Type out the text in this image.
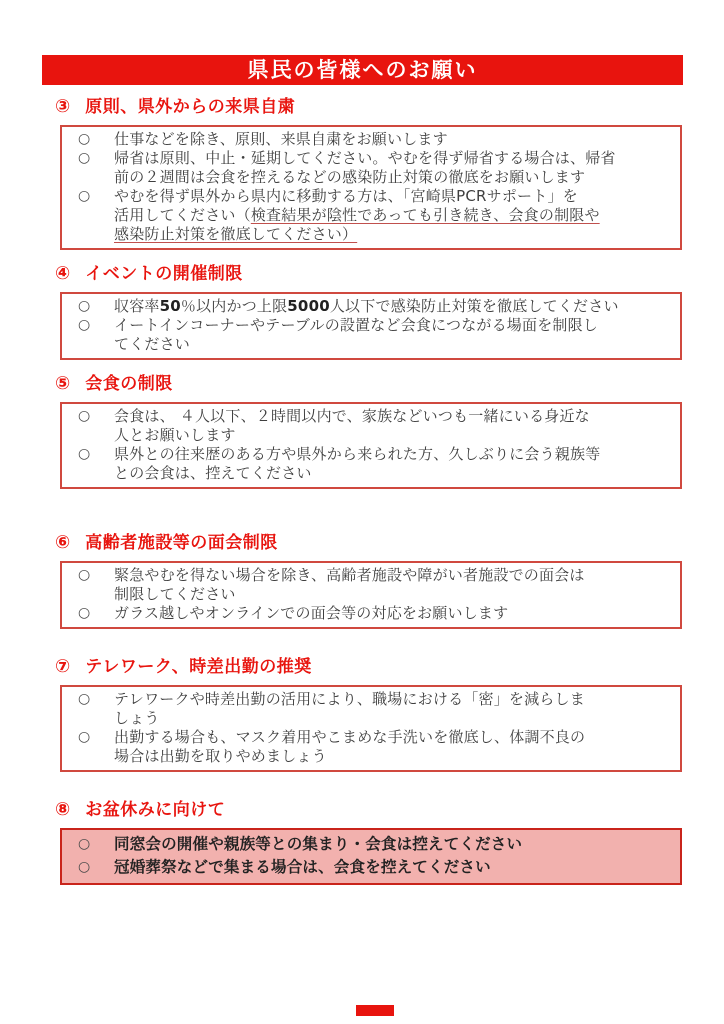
県民の皆様へのお願い
③ 原則、県外からの来県自粛
○	仕事などを除き、原則、来県自粛をお願いします
○	帰省は原則、中止・延期してください。やむを得ず帰省する場合は、帰省
前の２週間は会食を控えるなどの感染防止対策の徹底をお願いします
○	やむを得ず県外から県内に移動する方は、「宮崎県PCRサポート」を
活用してください（検査結果が陰性であっても引き続き、会食の制限や
感染防止対策を徹底してください）
④ イベントの開催制限
○	収容率50％以内かつ上限5000人以下で感染防止対策を徹底してください
○	イートインコーナーやテーブルの設置など会食につながる場面を制限し
てください
⑤ 会食の制限
○	会食は、 ４人以下、２時間以内で、家族などいつも一緒にいる身近な
人とお願いします
○	県外との往来歴のある方や県外から来られた方、久しぶりに会う親族等
との会食は、控えてください
⑥ 高齢者施設等の面会制限
○	緊急やむを得ない場合を除き、高齢者施設や障がい者施設での面会は
制限してください
○	ガラス越しやオンラインでの面会等の対応をお願いします
⑦ テレワーク、時差出勤の推奨
○	テレワークや時差出勤の活用により、職場における「密」を減らしま
しょう
○	出勤する場合も、マスク着用やこまめな手洗いを徹底し、体調不良の
場合は出勤を取りやめましょう
⑧ お盆休みに向けて
○	同窓会の開催や親族等との集まり・会食は控えてください
○	冠婚葬祭などで集まる場合は、会食を控えてください
